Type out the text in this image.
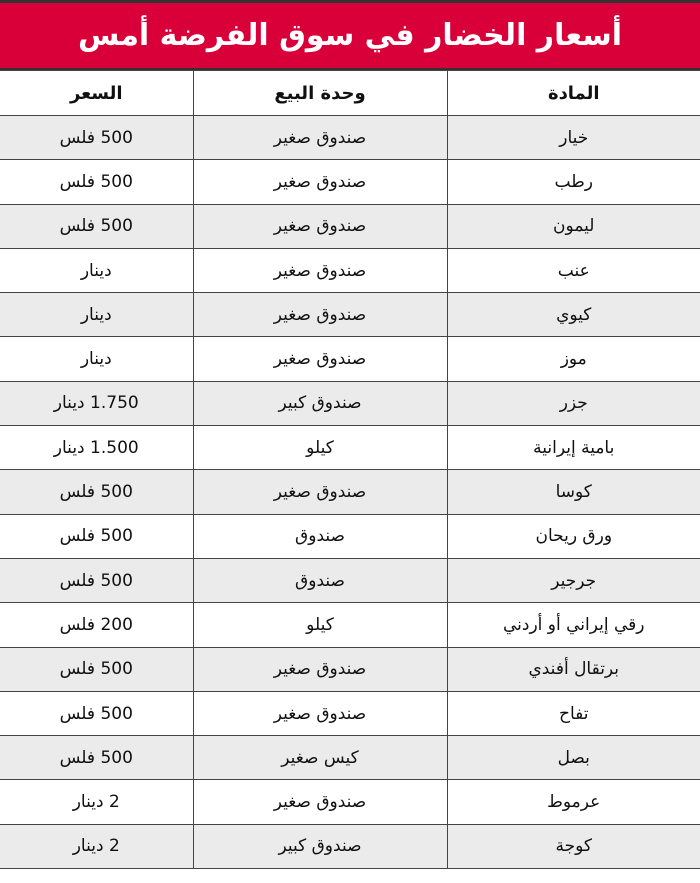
أسعار الخضار في سوق الفرضة أمس
المادة	وحدة البيع	السعر
خيار	صندوق صغير	500 فلس
رطب	صندوق صغير	500 فلس
ليمون	صندوق صغير	500 فلس
عنب	صندوق صغير	دينار
كيوي	صندوق صغير	دينار
موز	صندوق صغير	دينار
جزر	صندوق كبير	1.750 دينار
بامية إيرانية	كيلو	1.500 دينار
كوسا	صندوق صغير	500 فلس
ورق ريحان	صندوق	500 فلس
جرجير	صندوق	500 فلس
رقي إيراني أو أردني	كيلو	200 فلس
برتقال أفندي	صندوق صغير	500 فلس
تفاح	صندوق صغير	500 فلس
بصل	كيس صغير	500 فلس
عرموط	صندوق صغير	2 دينار
كوجة	صندوق كبير	2 دينار
